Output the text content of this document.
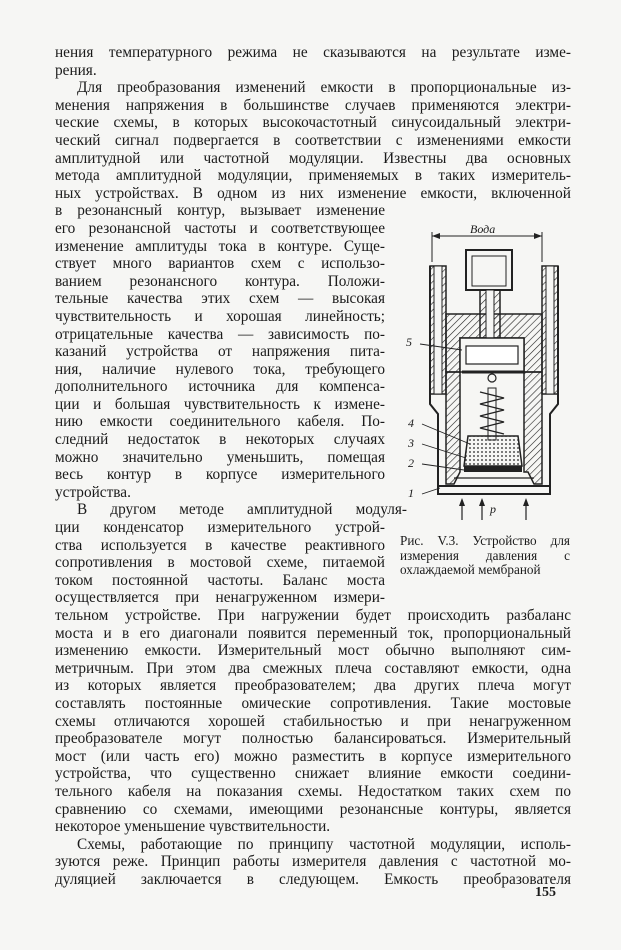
нения температурного режима не сказываются на результате изме-
рения.
Для преобразования изменений емкости в пропорциональные из-
менения напряжения в большинстве случаев применяются электри-
ческие схемы, в которых высокочастотный синусоидальный электри-
ческий сигнал подвергается в соответствии с изменениями емкости
амплитудной или частотной модуляции. Известны два основных
метода амплитудной модуляции, применяемых в таких измеритель-
ных устройствах. В одном из них изменение емкости, включенной
в резонансный контур, вызывает изменение
его резонансной частоты и соответствующее
изменение амплитуды тока в контуре. Суще-
ствует много вариантов схем с использо-
ванием резонансного контура. Положи-
тельные качества этих схем — высокая
чувствительность и хорошая линейность;
отрицательные качества — зависимость по-
казаний устройства от напряжения пита-
ния, наличие нулевого тока, требующего
дополнительного источника для компенса-
ции и большая чувствительность к измене-
нию емкости соединительного кабеля. По-
следний недостаток в некоторых случаях
можно значительно уменьшить, помещая
весь контур в корпусе измерительного
устройства.
В другом методе амплитудной модуля-
ции конденсатор измерительного устрой-
ства используется в качестве реактивного
сопротивления в мостовой схеме, питаемой
током постоянной частоты. Баланс моста
осуществляется при ненагруженном измери-
тельном устройстве. При нагружении будет происходить разбаланс
моста и в его диагонали появится переменный ток, пропорциональный
изменению емкости. Измерительный мост обычно выполняют сим-
метричным. При этом два смежных плеча составляют емкости, одна
из которых является преобразователем; два других плеча могут
составлять постоянные омические сопротивления. Такие мостовые
схемы отличаются хорошей стабильностью и при ненагруженном
преобразователе могут полностью балансироваться. Измерительный
мост (или часть его) можно разместить в корпусе измерительного
устройства, что существенно снижает влияние емкости соедини-
тельного кабеля на показания схемы. Недостатком таких схем по
сравнению со схемами, имеющими резонансные контуры, является
некоторое уменьшение чувствительности.
Схемы, работающие по принципу частотной модуляции, исполь-
зуются реже. Принцип работы измерителя давления с частотной мо-
дуляцией заключается в следующем. Емкость преобразователя
Вода
p
5
4
3
2
1
Рис. V.3. Устройство для
измерения давления с
охлаждаемой мембраной
155
